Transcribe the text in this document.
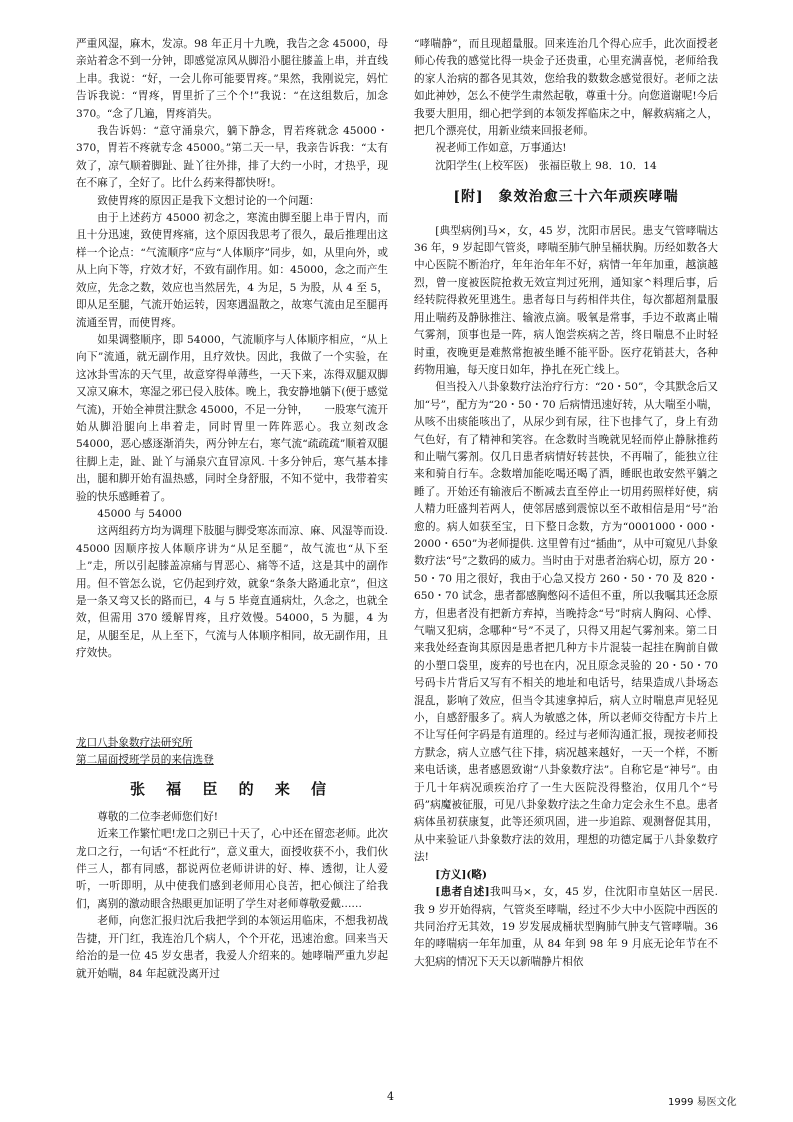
严重风湿，麻木，发凉。98 年正月十九晚，我告之念 45000，母亲站着念不到一分钟，即感觉凉风从脚沿小腿往膝盖上串，并直线上串。我说：“好，一会儿你可能要胃疼。”果然，我刚说完，妈忙告诉我说：“胃疼，胃里折了三个个!”我说：“在这组数后，加念 370。“念了几遍，胃疼消失。

我告诉妈：“意守涌泉穴，躺下静念，胃若疼就念 45000・370，胃若不疼就专念 45000。”第二天一早，我亲告诉我：“太有效了，凉气顺着脚趾、趾丫往外排，排了大约一小时，才热乎，现在不麻了，全好了。比什么药来得都快呀!。

致使胃疼的原因正是我下文想讨论的一个问题：

由于上述药方 45000 初念之，寒流由脚至腿上串于胃内，而且十分迅速，致使胃疼痛，这个原因我思考了很久，最后推理出这样一个论点：“气流顺序”应与“人体顺序”同步，如，从里向外，或从上向下等，疗效才好，不致有副作用。如：45000，念之而产生效应，先念之数，效应也当然居先，4 为足，5 为股，从 4 至 5，即从足至腿，气流开始运转，因寒遇温散之，故寒气流由足至腿再流通至胃，而使胃疼。

如果调整顺序，即 54000，气流顺序与人体顺序相应，“从上向下”流通，就无副作用，且疗效快。因此，我做了一个实验，在这冰卦雪冻的天气里，故意穿得单薄些，一天下来，冻得双腿双脚又凉又麻木，寒湿之邪已侵入肢体。晚上，我安静地躺下(便于感觉气流)，开始全神贯注默念 45000，不足一分钟，　　一股寒气流开始从脚沿腿向上串着走，同时胃里一阵阵恶心。我立刻改念 54000，恶心感逐渐消失，两分钟左右，寒气流“疏疏疏”顺着双腿往脚上走，趾、趾丫与涌泉穴直冒凉风. 十多分钟后，寒气基本排出，腿和脚开始有温热感，同时全身舒服，不知不觉中，我带着实验的快乐感睡着了。

45000 与 54000

这两组药方均为调理下肢腿与脚受寒冻而凉、麻、风湿等而设. 45000 因顺序按人体顺序讲为“从足至腿”，故气流也“从下至上”走，所以引起膝盖凉痛与胃恶心、痛等不适，这是其中的副作用。但不管怎么说，它仍起到疗效，就象“条条大路通北京”，但这是一条又弯又长的路而已，4 与 5 毕竟直通病灶，久念之，也就全效，但需用 370 缓解胃疼，且疗效慢。54000，5 为腿，4 为足，从腿至足，从上至下，气流与人体顺序相同，故无副作用，且疗效快。

龙口八卦象数疗法研究所

第二届面授班学员的来信选登

张 福 臣 的 来 信

尊敬的二位李老师您们好!

近来工作繁忙吧!龙口之别已十天了，心中还在留恋老师。此次龙口之行，一句话“不枉此行”，意义重大，面授收获不小，我们伙伴三人，都有同感，都说两位老师讲讲的好、棒、透彻，让人爱听，一听即明，从中使我们感到老师用心良苦，把心倾注了给我们，离别的激动眼含热眼更加证明了学生对老师尊敬爱戴……

老师，向您汇报归沈后我把学到的本领运用临床，不想我初战告捷，开门红，我连治几个病人，个个开花，迅速治愈。回来当天给治的是一位 45 岁女患者，我爱人介绍来的。她哮喘严重九岁起就开始喘，84 年起就没离开过

“哮喘静”，而且现超量服。回来连治几个得心应手，此次面授老师心传我的感觉比得一块金子还贵重，心里充满喜悦，老师给我的家人治病的都各见其效，您给我的数数念感觉很好。老师之法如此神妙，怎么不使学生肃然起敬，尊重十分。向您道谢呢!今后我要大胆用，细心把学到的本领发挥临床之中，解救病痛之人，把几个漂亮仗，用新业绩来回报老师。

祝老师工作如意，万事通达!

沈阳学生(上校军医)　张福臣敬上 98．10．14

[附]　象效治愈三十六年顽疾哮喘

[典型病例]马×，女，45 岁，沈阳市居民。患支气管哮喘达 36 年，9 岁起即气管炎，哮喘至肺气肿呈桶状胸。历经如数各大中心医院不断治疗，年年治年年不好，病情一年年加重，越演越烈，曾一度被医院抢救无效宣判过死刑，通知家^料理后事，后经转院得救死里逃生。患者每日与药相伴共住，每次都超剂量服用止喘药及静脉推注、输液点滴。吸氧是常事，手边不敢离止喘气雾剂，顶事也是一阵，病人饱尝疾病之苦，终日喘息不止时轻时重，夜晚更是难熬常抱被坐睡不能平卧。医疗花销甚大，各种药物用遍，每天度日如年，挣扎在死亡线上。

但当投入八卦象数疗法治疗行方：“20・50”，令其默念后又加“号”，配方为“20・50・70 后病情迅速好转，从大喘至小喘，从咳不出痰能咳出了，从尿少到有尿，往下也排气了，身上有劲气色好，有了精神和笑容。在念数时当晚就见轻而停止静脉推药和止喘气雾剂。仅几日患者病情好转甚快，不再喘了，能独立往来和骑自行车。念数增加能吃喝还喝了酒，睡眠也敢安然平躺之睡了。开始还有输液后不断减去直至停止一切用药照样好使，病人精力旺盛判若两人，使邻居感到震惊以至不敢相信是用“号”治愈的。病人如获至宝，日下整日念数，方为“0001000・000・2000・650”为老师提供. 这里曾有过“插曲”，从中可窥见八卦象数疗法“号”之数码的威力。当时由于对患者治病心切，原方 20・50・70 用之很好，我由于心急又投方 260・50・70 及 820・650・70 试念，患者都感胸憋闷不适但不重，所以我嘱其还念原方，但患者没有把新方弃掉，当晚持念“号”时病人胸闷、心悸、气喘又犯病，念哪种“号”不灵了，只得又用起气雾剂来。第二日来我处经查询其原因是患者把几种方卡片混装一起挂在胸前自做的小塑口袋里，废弃的号也在内，况且原念灵验的 20・50・70 号码卡片背后又写有不相关的地址和电话号，结果造成八卦场态混乱，影响了效应，但当令其速拿掉后，病人立时喘息声见轻见小，自感舒服多了。病人为敏感之体，所以老师交待配方卡片上不让写任何字码是有道理的。经过与老师沟通汇报，现按老师投方默念，病人立感气往下排，病况越来越好，一天一个样，不断来电话谈，患者感恩致谢“八卦象数疗法”。自称它是“神号”。由于几十年病况顽疾治疗了一生大医院没得整治，仅用几个“号码”病魔被征服，可见八卦象数疗法之生命力定会永生不息。患者病体虽初获康复，此等还须巩固，进一步追踪、观测督促其用，从中来验证八卦象数疗法的效用，理想的功德定属于八卦象数疗法!

[方义](略)

[患者自述]我叫马×，女，45 岁，住沈阳市皇姑区一居民. 我 9 岁开始得病，气管炎至哮喘，经过不少大中小医院中西医的共同治疗无其效，19 岁发展成桶状型胸肺气肿支气管哮喘。36 年的哮喘病一年年加重，从 84 年到 98 年 9 月底无论年节在不大犯病的情况下天天以新喘静片相依

4	1999 易医文化
